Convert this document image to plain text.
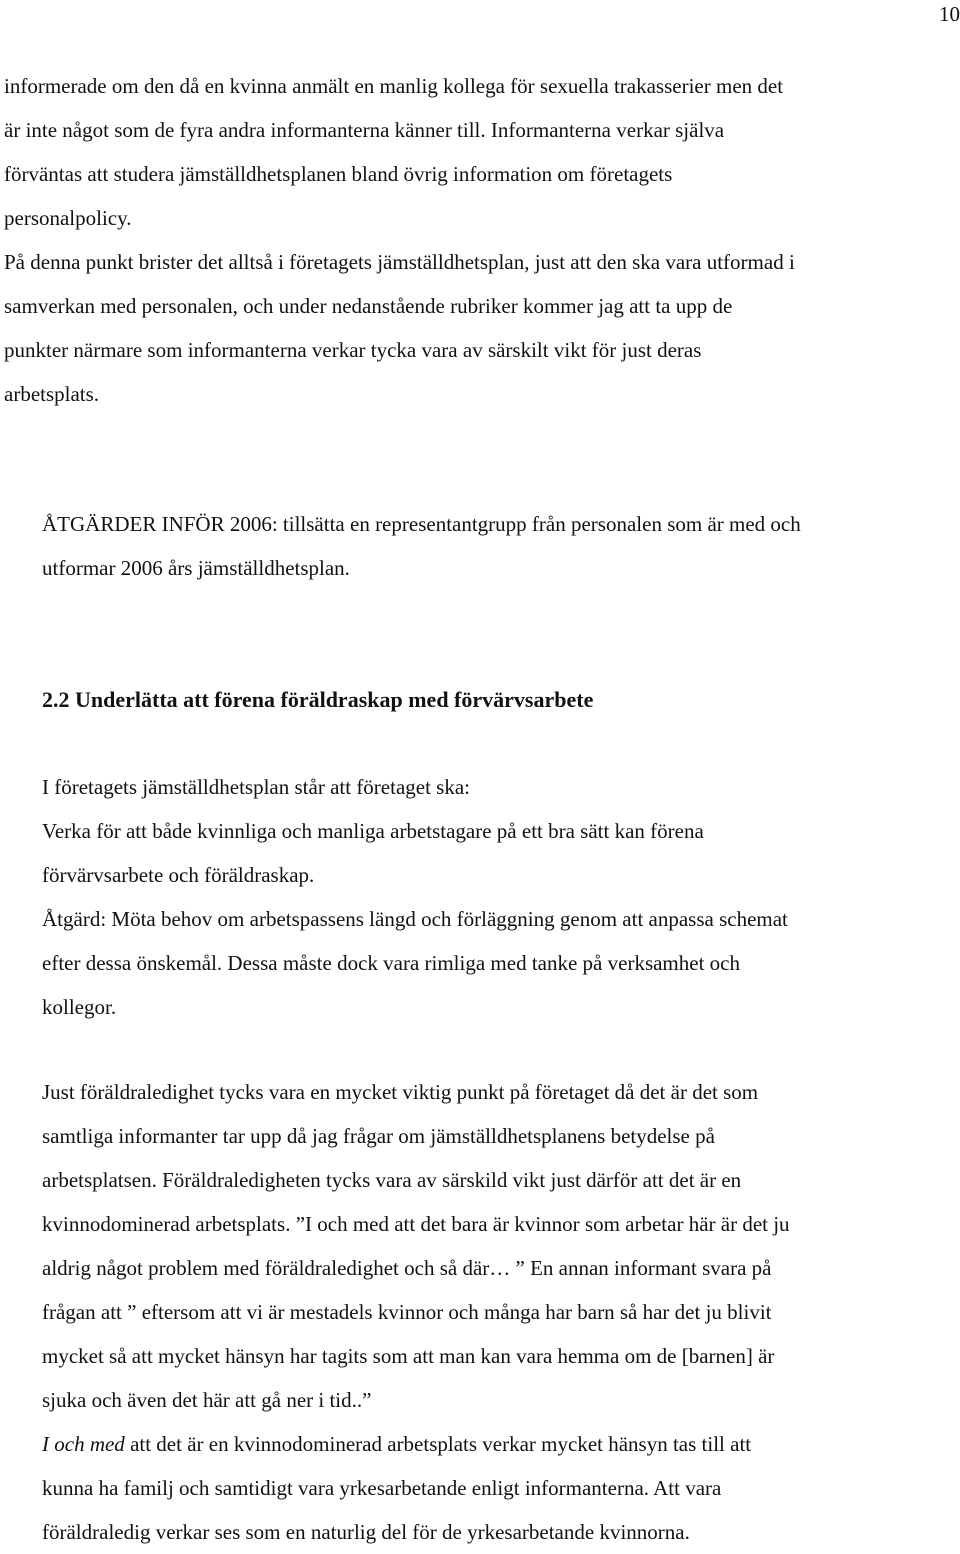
10
informerade om den då en kvinna anmält en manlig kollega för sexuella trakasserier men det
är inte något som de fyra andra informanterna känner till. Informanterna verkar själva
förväntas att studera jämställdhetsplanen bland övrig information om företagets
personalpolicy.
På denna punkt brister det alltså i företagets jämställdhetsplan, just att den ska vara utformad i
samverkan med personalen, och under nedanstående rubriker kommer jag att ta upp de
punkter närmare som informanterna verkar tycka vara av särskilt vikt för just deras
arbetsplats.
ÅTGÄRDER INFÖR 2006: tillsätta en representantgrupp från personalen som är med och
utformar 2006 års jämställdhetsplan.
2.2 Underlätta att förena föräldraskap med förvärvsarbete
I företagets jämställdhetsplan står att företaget ska:
Verka för att både kvinnliga och manliga arbetstagare på ett bra sätt kan förena
förvärvsarbete och föräldraskap.
Åtgärd: Möta behov om arbetspassens längd och förläggning genom att anpassa schemat
efter dessa önskemål. Dessa måste dock vara rimliga med tanke på verksamhet och
kollegor.
Just föräldraledighet tycks vara en mycket viktig punkt på företaget då det är det som
samtliga informanter tar upp då jag frågar om jämställdhetsplanens betydelse på
arbetsplatsen. Föräldraledigheten tycks vara av särskild vikt just därför att det är en
kvinnodominerad arbetsplats. ”I och med att det bara är kvinnor som arbetar här är det ju
aldrig något problem med föräldraledighet och så där… ” En annan informant svara på
frågan att ” eftersom att vi är mestadels kvinnor och många har barn så har det ju blivit
mycket så att mycket hänsyn har tagits som att man kan vara hemma om de [barnen] är
sjuka och även det här att gå ner i tid..”
I och med att det är en kvinnodominerad arbetsplats verkar mycket hänsyn tas till att
kunna ha familj och samtidigt vara yrkesarbetande enligt informanterna. Att vara
föräldraledig verkar ses som en naturlig del för de yrkesarbetande kvinnorna.
